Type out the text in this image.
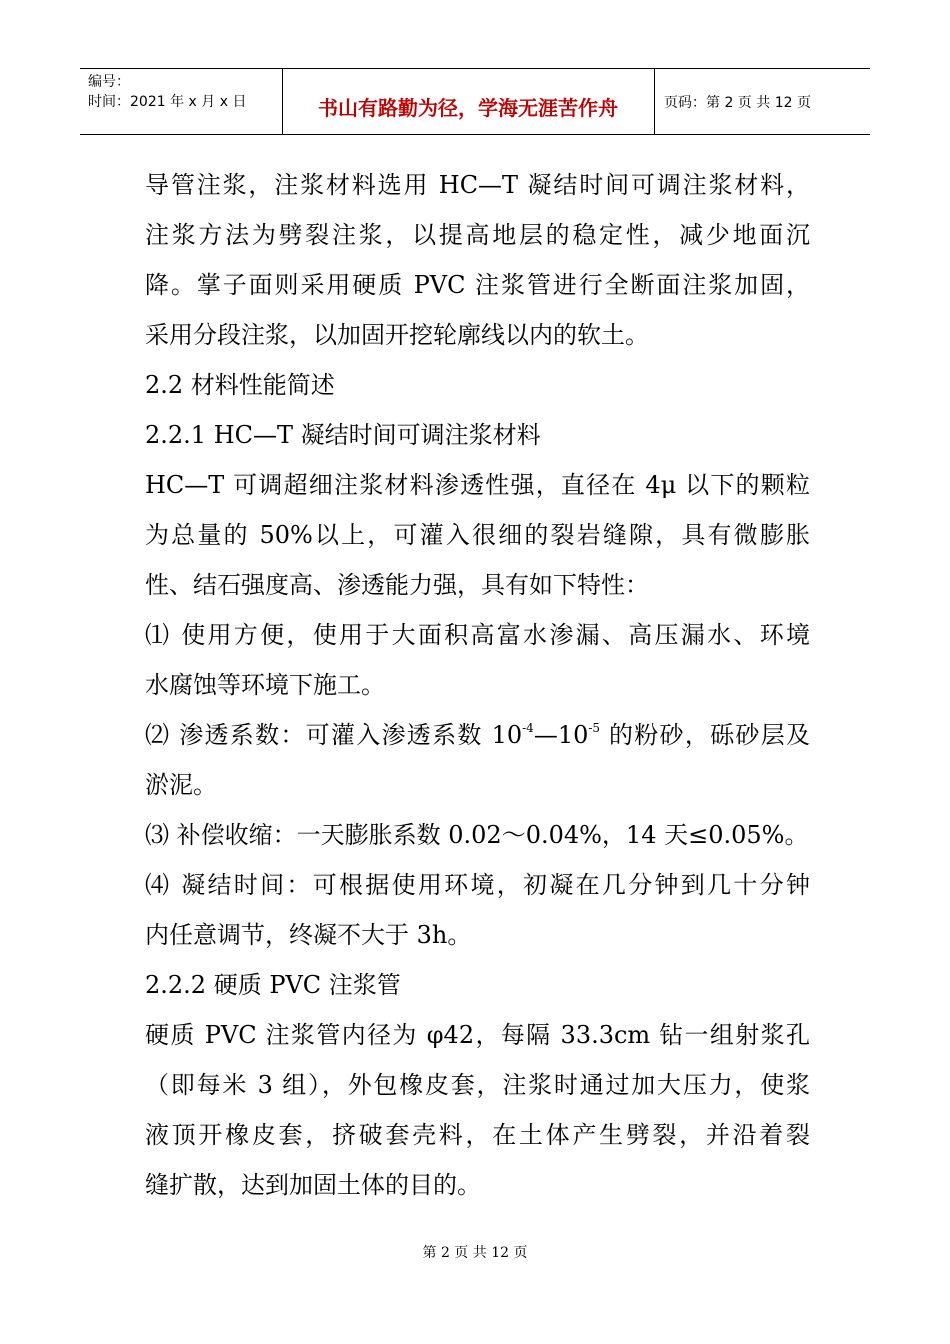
编号：
时间：2021 年 x 月 x 日	书山有路勤为径，学海无涯苦作舟	页码：第 2 页 共 12 页
导管注浆，注浆材料选用 HC—T 凝结时间可调注浆材料，
注浆方法为劈裂注浆，以提高地层的稳定性，减少地面沉
降。掌子面则采用硬质 PVC 注浆管进行全断面注浆加固，
采用分段注浆，以加固开挖轮廓线以内的软土。
2.2 材料性能简述
2.2.1 HC—T 凝结时间可调注浆材料
HC—T 可调超细注浆材料渗透性强，直径在 4μ 以下的颗粒
为总量的 50%以上，可灌入很细的裂岩缝隙，具有微膨胀
性、结石强度高、渗透能力强，具有如下特性：
⑴ 使用方便，使用于大面积高富水渗漏、高压漏水、环境
水腐蚀等环境下施工。
⑵ 渗透系数：可灌入渗透系数 $10^{-4}—10^{-5}$ 的粉砂，砾砂层及
淤泥。
⑶ 补偿收缩：一天膨胀系数 0.02～0.04%，14 天≤0.05%。
⑷ 凝结时间：可根据使用环境，初凝在几分钟到几十分钟
内任意调节，终凝不大于 3h。
2.2.2 硬质 PVC 注浆管
硬质 PVC 注浆管内径为 φ42，每隔 33.3cm 钻一组射浆孔
（即每米 3 组），外包橡皮套，注浆时通过加大压力，使浆
液顶开橡皮套，挤破套壳料，在土体产生劈裂，并沿着裂
缝扩散，达到加固土体的目的。
第 2 页 共 12 页
